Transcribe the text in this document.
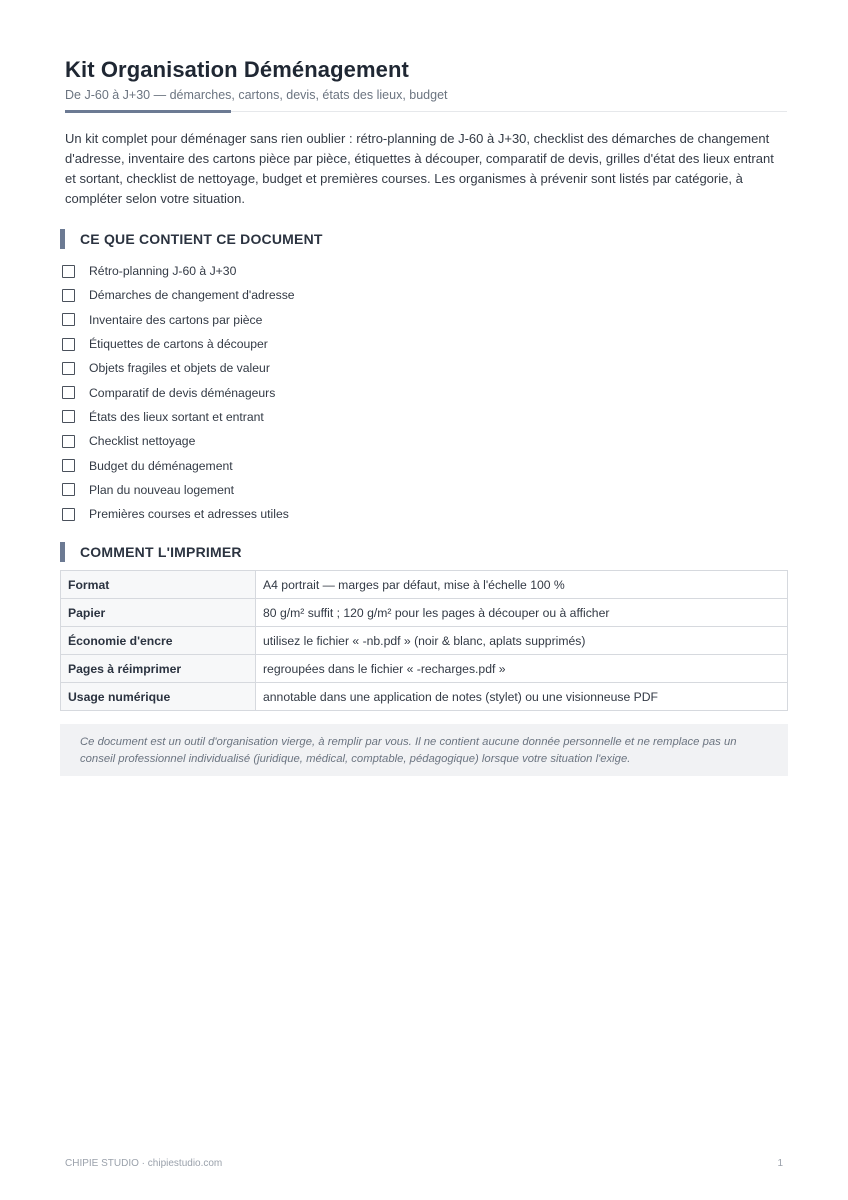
Kit Organisation Déménagement

De J-60 à J+30 — démarches, cartons, devis, états des lieux, budget

Un kit complet pour déménager sans rien oublier : rétro-planning de J-60 à J+30, checklist des démarches de changement d'adresse, inventaire des cartons pièce par pièce, étiquettes à découper, comparatif de devis, grilles d'état des lieux entrant et sortant, checklist de nettoyage, budget et premières courses. Les organismes à prévenir sont listés par catégorie, à compléter selon votre situation.

CE QUE CONTIENT CE DOCUMENT
Rétro-planning J-60 à J+30
Démarches de changement d'adresse
Inventaire des cartons par pièce
Étiquettes de cartons à découper
Objets fragiles et objets de valeur
Comparatif de devis déménageurs
États des lieux sortant et entrant
Checklist nettoyage
Budget du déménagement
Plan du nouveau logement
Premières courses et adresses utiles
COMMENT L'IMPRIMER
Format	A4 portrait — marges par défaut, mise à l'échelle 100 %
Papier	80 g/m² suffit ; 120 g/m² pour les pages à découper ou à afficher
Économie d'encre	utilisez le fichier « -nb.pdf » (noir & blanc, aplats supprimés)
Pages à réimprimer	regroupées dans le fichier « -recharges.pdf »
Usage numérique	annotable dans une application de notes (stylet) ou une visionneuse PDF

Ce document est un outil d'organisation vierge, à remplir par vous. Il ne contient aucune donnée personnelle et ne remplace pas un conseil professionnel individualisé (juridique, médical, comptable, pédagogique) lorsque votre situation l'exige.

CHIPIE STUDIO · chipiestudio.com	1
